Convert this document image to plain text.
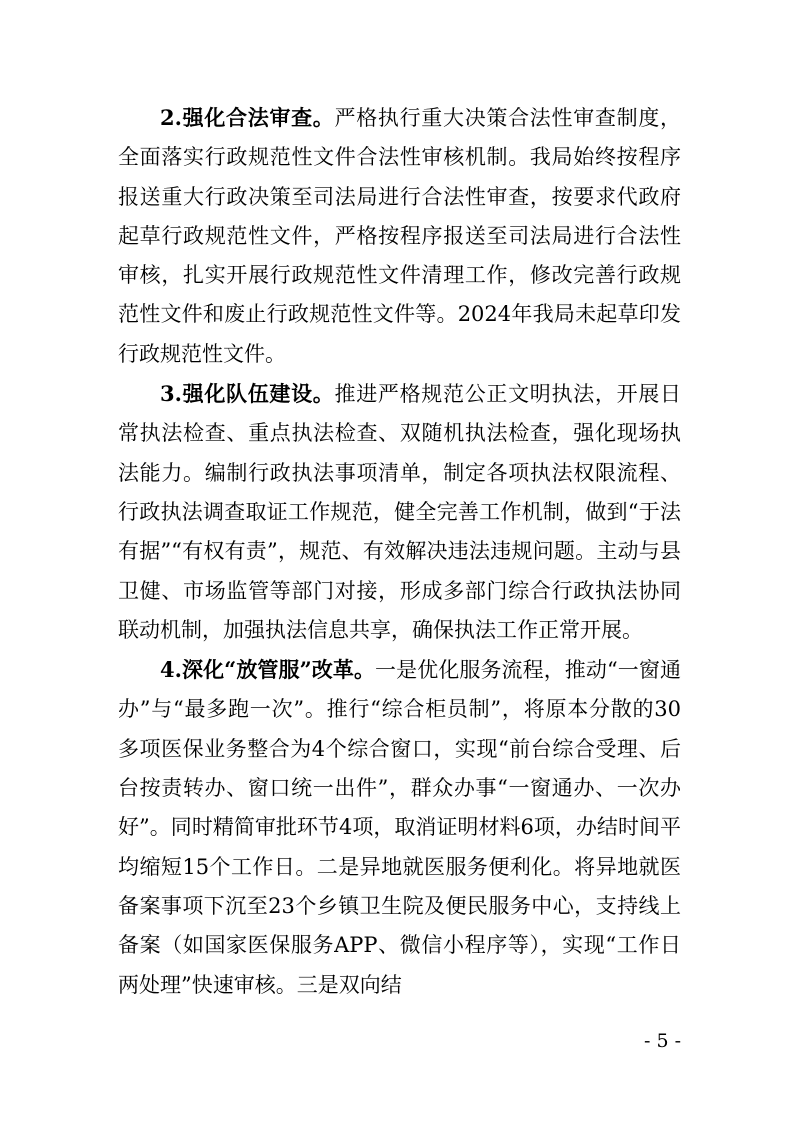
2.强化合法审查。严格执行重大决策合法性审查制度，全面落实行政规范性文件合法性审核机制。我局始终按程序报送重大行政决策至司法局进行合法性审查，按要求代政府起草行政规范性文件，严格按程序报送至司法局进行合法性审核，扎实开展行政规范性文件清理工作，修改完善行政规范性文件和废止行政规范性文件等。2024年我局未起草印发行政规范性文件。

3.强化队伍建设。推进严格规范公正文明执法，开展日常执法检查、重点执法检查、双随机执法检查，强化现场执法能力。编制行政执法事项清单，制定各项执法权限流程、行政执法调查取证工作规范，健全完善工作机制，做到“于法有据”“有权有责”，规范、有效解决违法违规问题。主动与县卫健、市场监管等部门对接，形成多部门综合行政执法协同联动机制，加强执法信息共享，确保执法工作正常开展。

4.深化“放管服”改革。一是优化服务流程，推动“一窗通办”与“最多跑一次”。推行“综合柜员制”，将原本分散的30多项医保业务整合为4个综合窗口，实现“前台综合受理、后台按责转办、窗口统一出件”，群众办事“一窗通办、一次办好”。同时精简审批环节4项，取消证明材料6项，办结时间平均缩短15个工作日。二是异地就医服务便利化。将异地就医备案事项下沉至23个乡镇卫生院及便民服务中心，支持线上备案（如国家医保服务APP、微信小程序等），实现“工作日两处理”快速审核。三是双向结

- 5 -
